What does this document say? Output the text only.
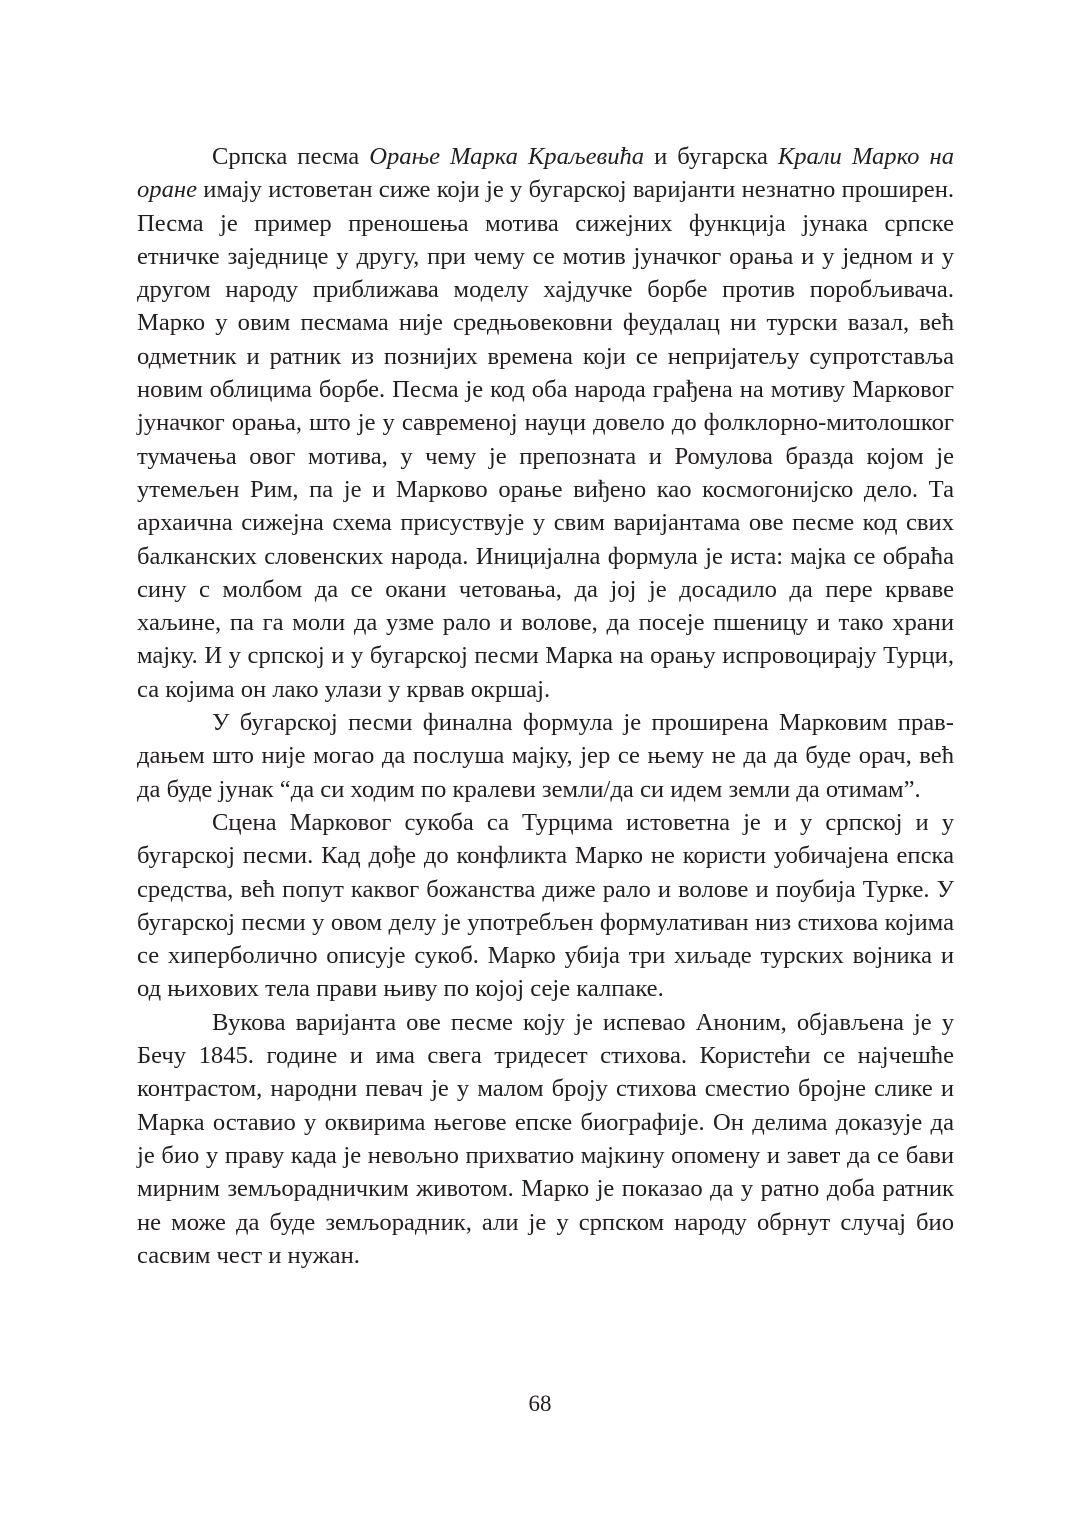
Српска песма Орање Марка Краљевића и бугарска Крали Марко на оране имају истоветан сиже који је у бугарској варијанти незнатно проширен. Песма је пример преношења мотива сижејних функција јунака српске етничке заједнице у другу, при чему се мотив јуначког орања и у једном и у другом народу приближава моделу хајдучке борбе против поробљивача. Марко у овим песмама није средњовековни феудалац ни турски вазал, већ одметник и ратник из познијих времена који се непријатељу супротставља новим облицима борбе. Песма је код оба народа грађена на мотиву Марковог јуначког орања, што је у савременој науци довело до фолклорно-митолошког тумачења овог мотива, у чему је препозната и Ромулова бразда којом је утемељен Рим, па је и Марково орање виђено као космогонијско дело. Та архаична сижејна схема присуствује у свим варијантама ове песме код свих балканских словенских народа. Иницијална формула је иста: мајка се обраћа сину с молбом да се окани четовања, да јој је досадило да пере крваве хаљине, па га моли да узме рало и волове, да посеје пшеницу и тако храни мајку. И у српској и у бугарској песми Марка на орању испровоцирају Турци, са којима он лако улази у крвав окршај.

У бугарској песми финална формула је проширена Марковим правдањем што није могао да послуша мајку, јер се њему не да да буде орач, већ да буде јунак “да си ходим по кралеви земли/да си идем земли да отимам”.

Сцена Марковог сукоба са Турцима истоветна је и у српској и у бугарској песми. Кад дође до конфликта Марко не користи уобичајена епска средства, већ попут каквог божанства диже рало и волове и поубија Турке. У бугарској песми у овом делу је употребљен формулативан низ стихова којима се хиперболично описује сукоб. Марко убија три хиљаде турских војника и од њихових тела прави њиву по којој сеје калпаке.

Вукова варијанта ове песме коју је испевао Аноним, објављена је у Бечу 1845. године и има свега тридесет стихова. Користећи се најчешће контрастом, народни певач је у малом броју стихова сместио бројне слике и Марка оставио у оквирима његове епске биографије. Он делима доказује да је био у праву када је невољно прихватио мајкину опомену и завет да се бави мирним земљорадничким животом. Марко је показао да у ратно доба ратник не може да буде земљорадник, али је у српском народу обрнут случај био сасвим чест и нужан.

68
